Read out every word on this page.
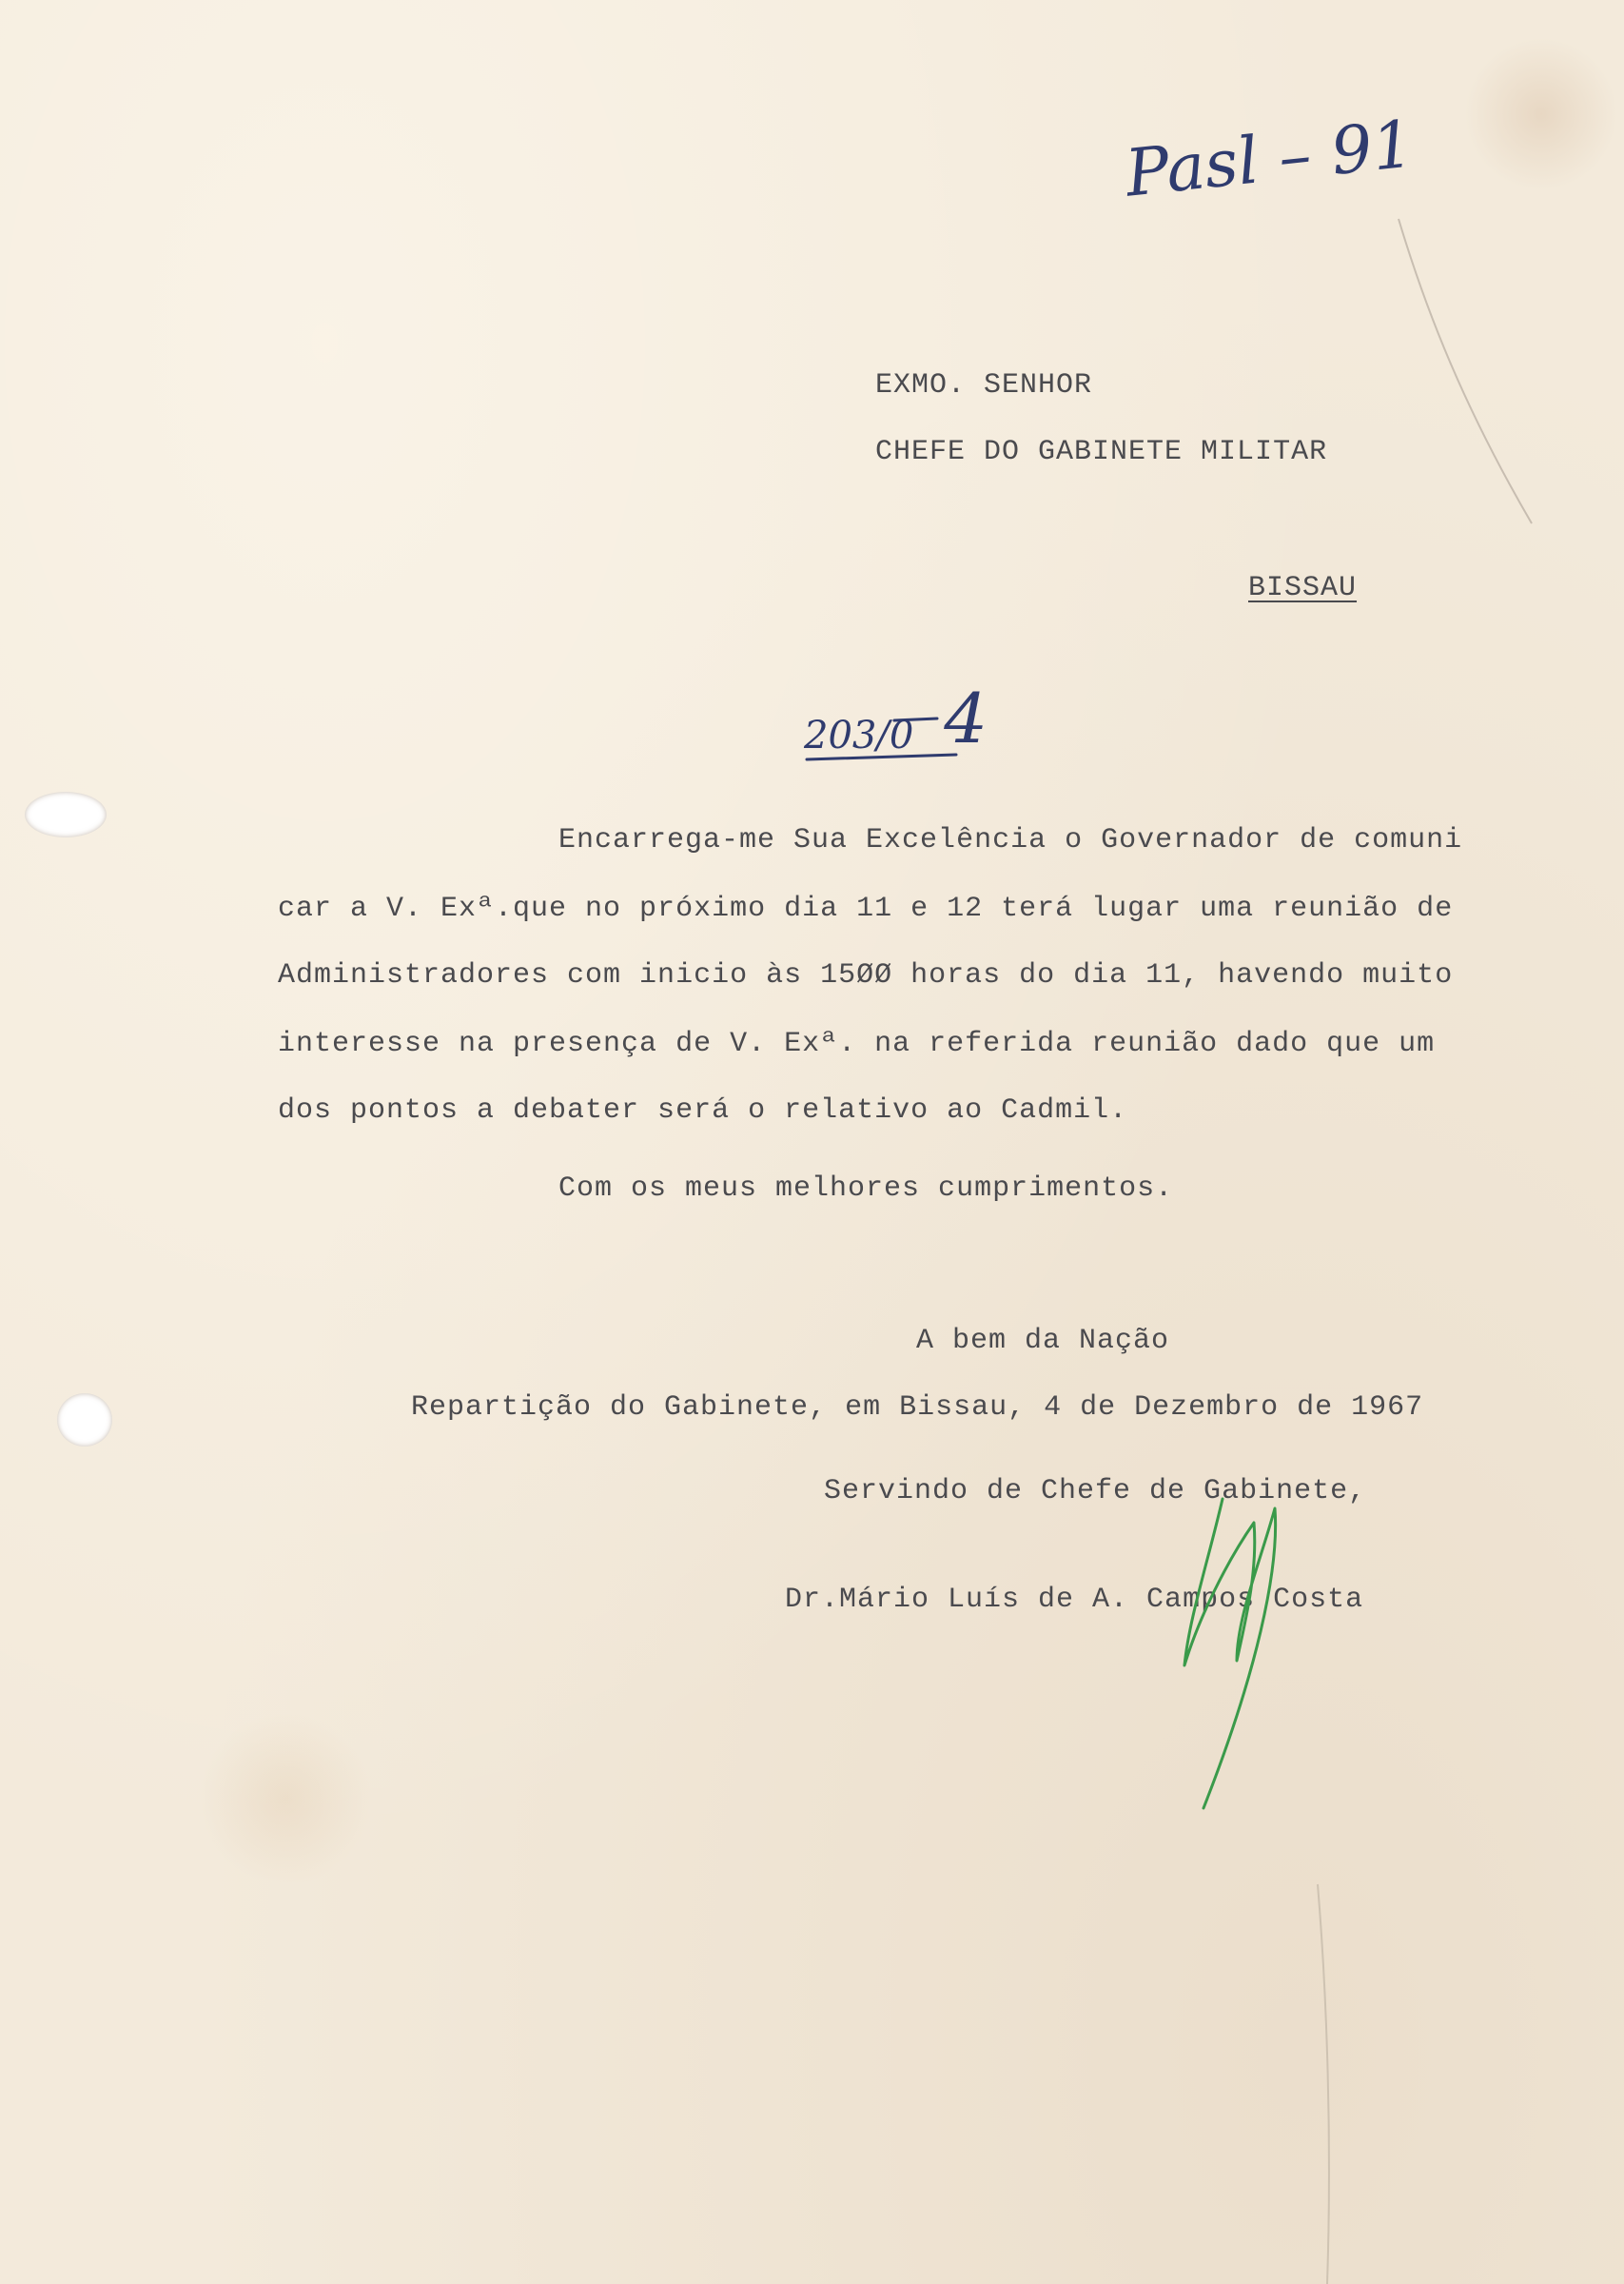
Pasl – 91
EXMO. SENHOR
CHEFE DO GABINETE MILITAR
BISSAU
203/0 4
Encarrega-me Sua Excelência o Governador de comuni
car a V. Exª.que no próximo dia 11 e 12 terá lugar uma reunião de
Administradores com inicio às 15ØØ horas do dia 11, havendo muito
interesse na presença de V. Exª. na referida reunião dado que um
dos pontos a debater será o relativo ao Cadmil.
Com os meus melhores cumprimentos.
A bem da Nação
Repartição do Gabinete, em Bissau, 4 de Dezembro de 1967
Servindo de Chefe de Gabinete,
Dr.Mário Luís de A. Campos Costa
